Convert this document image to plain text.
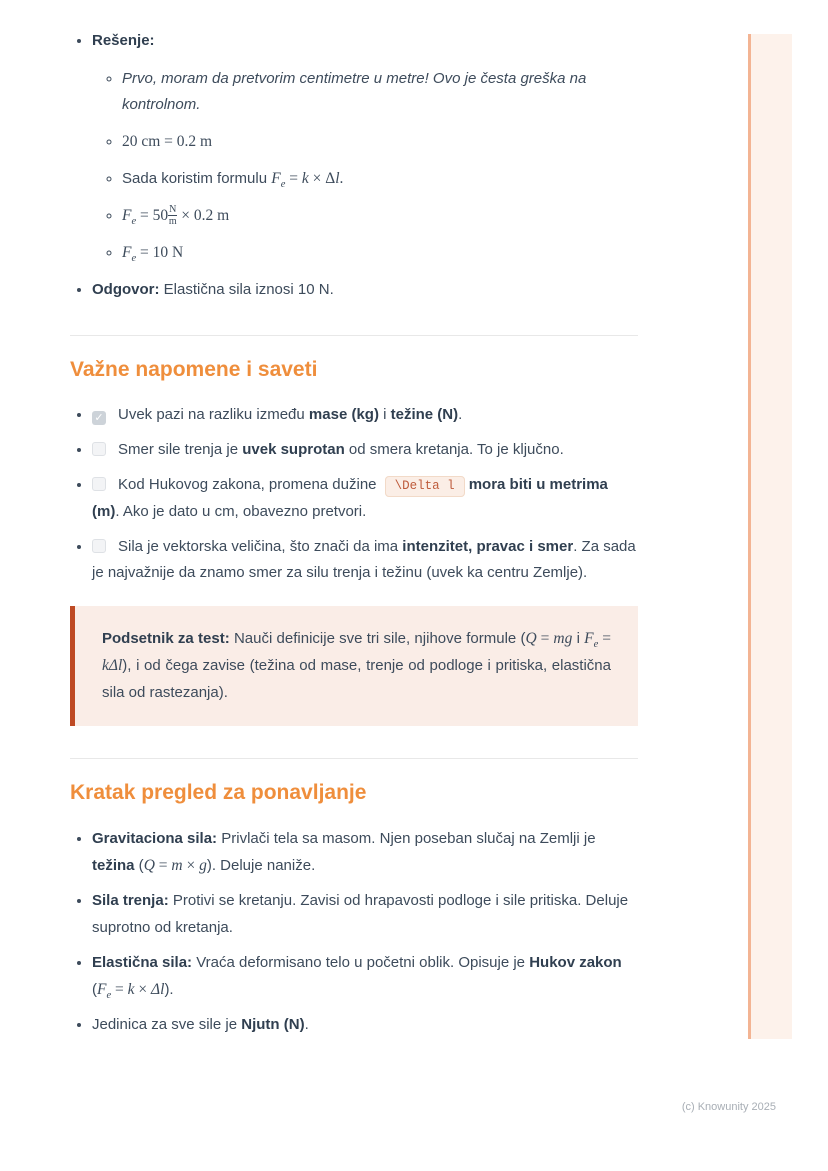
• Rešenje:
◦ Prvo, moram da pretvorim centimetre u metre! Ovo je česta greška na kontrolnom.
◦ 20 cm = 0.2 m
◦ Sada koristim formulu $F_e = k \times \Delta l$.
◦ $F_e = 50 \frac{N}{m} \times 0.2$ m
◦ $F_e = 10$ N
• Odgovor: Elastična sila iznosi 10 N.
Važne napomene i saveti
• ✓ Uvek pazi na razliku između mase (kg) i težine (N).
• Smer sile trenja je uvek suprotan od smera kretanja. To je ključno.
• Kod Hukovog zakona, promena dužine \Delta l mora biti u metrima (m). Ako je dato u cm, obavezno pretvori.
• Sila je vektorska veličina, što znači da ima intenzitet, pravac i smer. Za sada je najvažnije da znamo smer za silu trenja i težinu (uvek ka centru Zemlje).
Podsetnik za test: Nauči definicije sve tri sile, njihove formule (Q = mg i $F_e = k\Delta l$), i od čega zavise (težina od mase, trenje od podloge i pritiska, elastična sila od rastezanja).
Kratak pregled za ponavljanje
• Gravitaciona sila: Privlači tela sa masom. Njen poseban slučaj na Zemlji je težina (Q = m × g). Deluje naniže.
• Sila trenja: Protivi se kretanju. Zavisi od hrapavosti podloge i sile pritiska. Deluje suprotno od kretanja.
• Elastična sila: Vraća deformisano telo u početni oblik. Opisuje je Hukov zakon $(F_e = k \times \Delta l)$.
• Jedinica za sve sile je Njutn (N).
(c) Knowunity 2025
